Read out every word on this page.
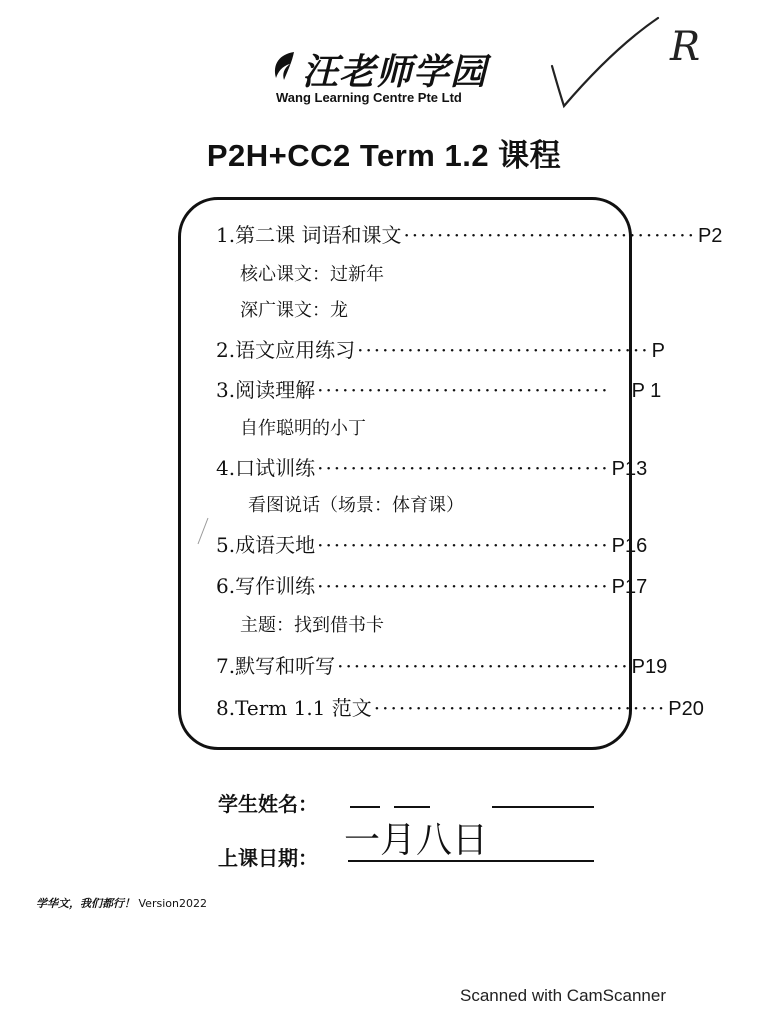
汪老师学园
Wang Learning Centre Pte Ltd
R
P2H+CC2 Term 1.2 课程
1.第二课 词语和课文 ··································· P2
核心课文：过新年
深广课文：龙
2.语文应用练习 ··································· P
3.阅读理解 ··································· P 1
自作聪明的小丁
4.口试训练 ··································· P13
看图说话（场景：体育课）
5.成语天地 ··································· P16
6.写作训练 ··································· P17
主题：找到借书卡
7.默写和听写 ··································· P19
8.Term 1.1 范文 ··································· P20
学生姓名：
上课日期： 一月八日
学华文，我们都行！ Version2022
Scanned with CamScanner
